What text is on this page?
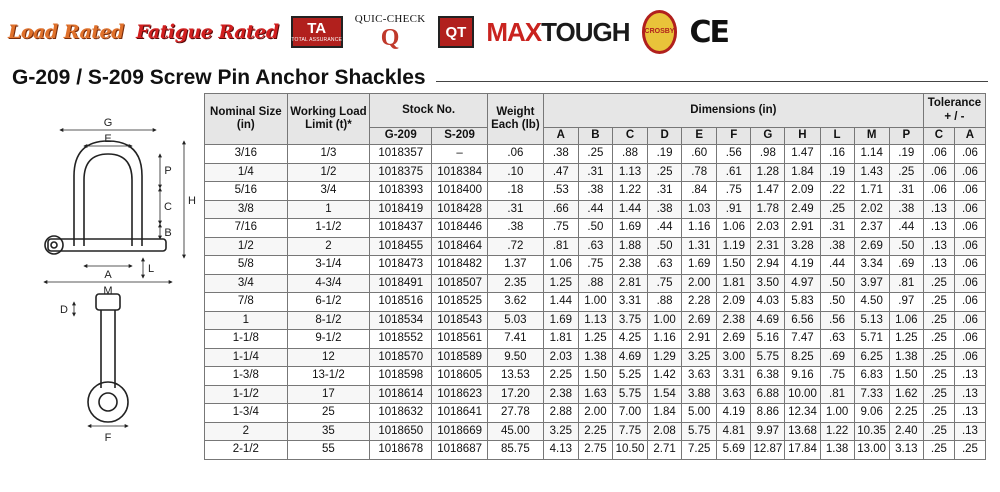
Load Rated Fatigue Rated TA
TOTAL ASSURANCE
QUIC-CHECK
Q	QT MAX TOUGH CROSBY CE
G-209 / S-209 Screw Pin Anchor Shackles
G
E
P
C H
B
A	L
M
D
F
Nominal Size (in)	Working Load Limit (t)*	Stock No.		Weight Each (lb)	Dimensions (in)											Tolerance + / -	
		G-209	S-209		A	B	C	D	E	F	G	H	L	M	P	C	A
3/16	1/3	1018357	–	.06	.38	.25	.88	.19	.60	.56	.98	1.47	.16	1.14	.19	.06	.06
1/4	1/2	1018375	1018384	.10	.47	.31	1.13	.25	.78	.61	1.28	1.84	.19	1.43	.25	.06	.06
5/16	3/4	1018393	1018400	.18	.53	.38	1.22	.31	.84	.75	1.47	2.09	.22	1.71	.31	.06	.06
3/8	1	1018419	1018428	.31	.66	.44	1.44	.38	1.03	.91	1.78	2.49	.25	2.02	.38	.13	.06
7/16	1-1/2	1018437	1018446	.38	.75	.50	1.69	.44	1.16	1.06	2.03	2.91	.31	2.37	.44	.13	.06
1/2	2	1018455	1018464	.72	.81	.63	1.88	.50	1.31	1.19	2.31	3.28	.38	2.69	.50	.13	.06
5/8	3-1/4	1018473	1018482	1.37	1.06	.75	2.38	.63	1.69	1.50	2.94	4.19	.44	3.34	.69	.13	.06
3/4	4-3/4	1018491	1018507	2.35	1.25	.88	2.81	.75	2.00	1.81	3.50	4.97	.50	3.97	.81	.25	.06
7/8	6-1/2	1018516	1018525	3.62	1.44	1.00	3.31	.88	2.28	2.09	4.03	5.83	.50	4.50	.97	.25	.06
1	8-1/2	1018534	1018543	5.03	1.69	1.13	3.75	1.00	2.69	2.38	4.69	6.56	.56	5.13	1.06	.25	.06
1-1/8	9-1/2	1018552	1018561	7.41	1.81	1.25	4.25	1.16	2.91	2.69	5.16	7.47	.63	5.71	1.25	.25	.06
1-1/4	12	1018570	1018589	9.50	2.03	1.38	4.69	1.29	3.25	3.00	5.75	8.25	.69	6.25	1.38	.25	.06
1-3/8	13-1/2	1018598	1018605	13.53	2.25	1.50	5.25	1.42	3.63	3.31	6.38	9.16	.75	6.83	1.50	.25	.13
1-1/2	17	1018614	1018623	17.20	2.38	1.63	5.75	1.54	3.88	3.63	6.88	10.00	.81	7.33	1.62	.25	.13
1-3/4	25	1018632	1018641	27.78	2.88	2.00	7.00	1.84	5.00	4.19	8.86	12.34	1.00	9.06	2.25	.25	.13
2	35	1018650	1018669	45.00	3.25	2.25	7.75	2.08	5.75	4.81	9.97	13.68	1.22	10.35	2.40	.25	.13
2-1/2	55	1018678	1018687	85.75	4.13	2.75	10.50	2.71	7.25	5.69	12.87	17.84	1.38	13.00	3.13	.25	.25
